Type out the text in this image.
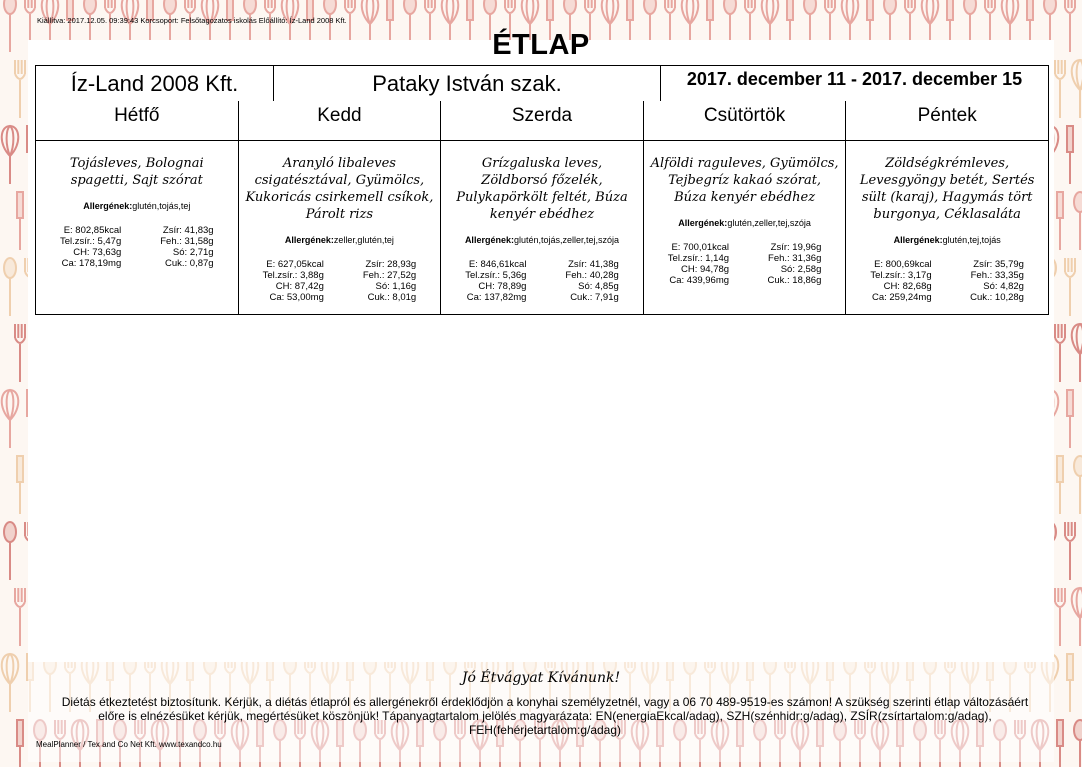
Kiállítva: 2017.12.05. 09:39:43 Korcsoport: Felsőtagozatos iskolás Előállító: Íz-Land 2008 Kft.
ÉTLAP
Íz-Land 2008 Kft.	Pataky István szak.	2017. december 11 - 2017. december 15
Hétfő
Tojásleves, Bolognai spagetti, Sajt szórat
Allergének:glutén,tojás,tej
E: 802,85kcal
Tel.zsír.: 5,47g
CH: 73,63g
Ca: 178,19mg
Zsír: 41,83g
Feh.: 31,58g
Só: 2,71g
Cuk.: 0,87g
Kedd
Aranyló libaleves csigatésztával, Gyümölcs, Kukoricás csirkemell csíkok, Párolt rizs
Allergének:zeller,glutén,tej
E: 627,05kcal
Tel.zsír.: 3,88g
CH: 87,42g
Ca: 53,00mg
Zsír: 28,93g
Feh.: 27,52g
Só: 1,16g
Cuk.: 8,01g
Szerda
Grízgaluska leves, Zöldborsó főzelék, Pulykapörkölt feltét, Búza kenyér ebédhez
Allergének:glutén,tojás,zeller,tej,szója
E: 846,61kcal
Tel.zsír.: 5,36g
CH: 78,89g
Ca: 137,82mg
Zsír: 41,38g
Feh.: 40,28g
Só: 4,85g
Cuk.: 7,91g
Csütörtök
Alföldi raguleves, Gyümölcs, Tejbegríz kakaó szórat, Búza kenyér ebédhez
Allergének:glutén,zeller,tej,szója
E: 700,01kcal
Tel.zsír.: 1,14g
CH: 94,78g
Ca: 439,96mg
Zsír: 19,96g
Feh.: 31,36g
Só: 2,58g
Cuk.: 18,86g
Péntek
Zöldségkrémleves, Levesgyöngy betét, Sertés sült (karaj), Hagymás tört burgonya, Céklasaláta
Allergének:glutén,tej,tojás
E: 800,69kcal
Tel.zsír.: 3,17g
CH: 82,68g
Ca: 259,24mg
Zsír: 35,79g
Feh.: 33,35g
Só: 4,82g
Cuk.: 10,28g
Jó Étvágyat Kívánunk!
Diétás étkeztetést biztosítunk. Kérjük, a diétás étlapról és allergénekről érdeklődjön a konyhai személyzetnél, vagy a 06 70 489-9519-es számon! A szükség szerinti étlap változásáért előre is elnézésüket kérjük, megértésüket köszönjük! Tápanyagtartalom jelölés magyarázata: EN(energiaEkcal/adag), SZH(szénhidr:g/adag), ZSÍR(zsírtartalom:g/adag), FEH(fehérjetartalom:g/adag)
MealPlanner / Tex and Co Net Kft. www.texandco.hu
